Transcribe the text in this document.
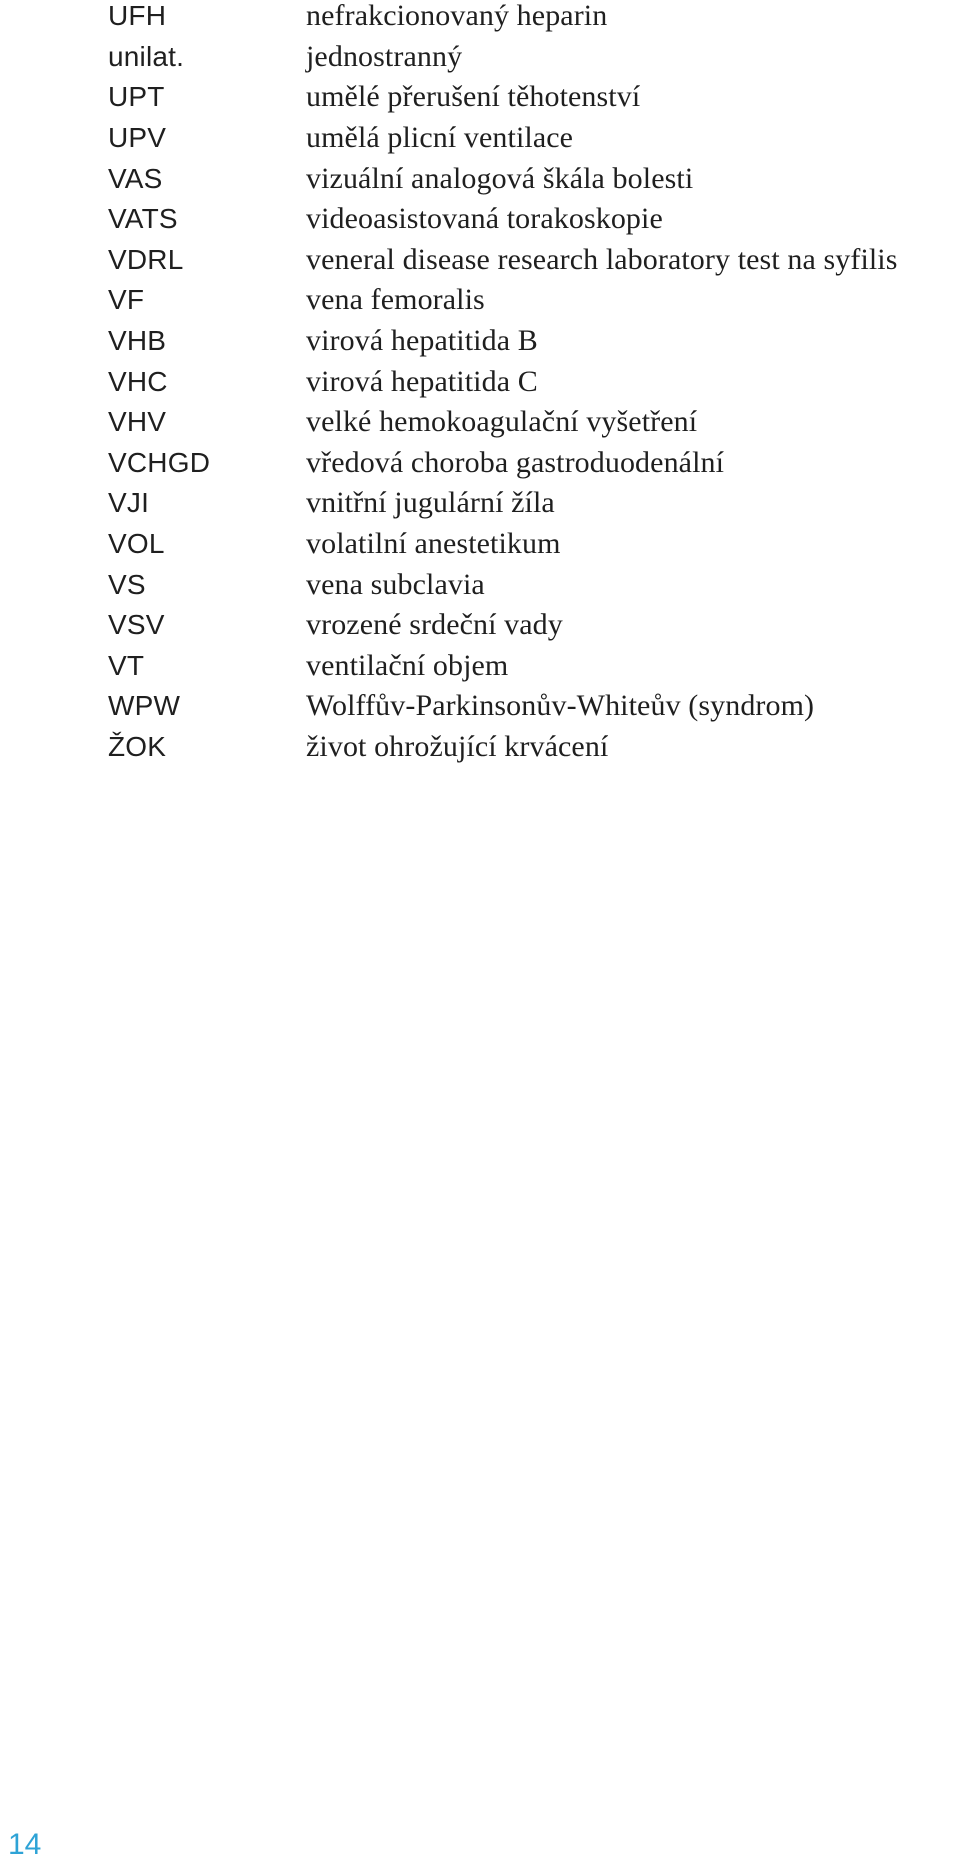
UFH	nefrakcionovaný heparin
unilat.	jednostranný
UPT	umělé přerušení těhotenství
UPV	umělá plicní ventilace
VAS	vizuální analogová škála bolesti
VATS	videoasistovaná torakoskopie
VDRL	veneral disease research laboratory test na syfilis
VF	vena femoralis
VHB	virová hepatitida B
VHC	virová hepatitida C
VHV	velké hemokoagulační vyšetření
VCHGD	vředová choroba gastroduodenální
VJI	vnitřní jugulární žíla
VOL	volatilní anestetikum
VS	vena subclavia
VSV	vrozené srdeční vady
VT	ventilační objem
WPW	Wolffův-Parkinsonův-Whiteův (syndrom)
ŽOK	život ohrožující krvácení
14
